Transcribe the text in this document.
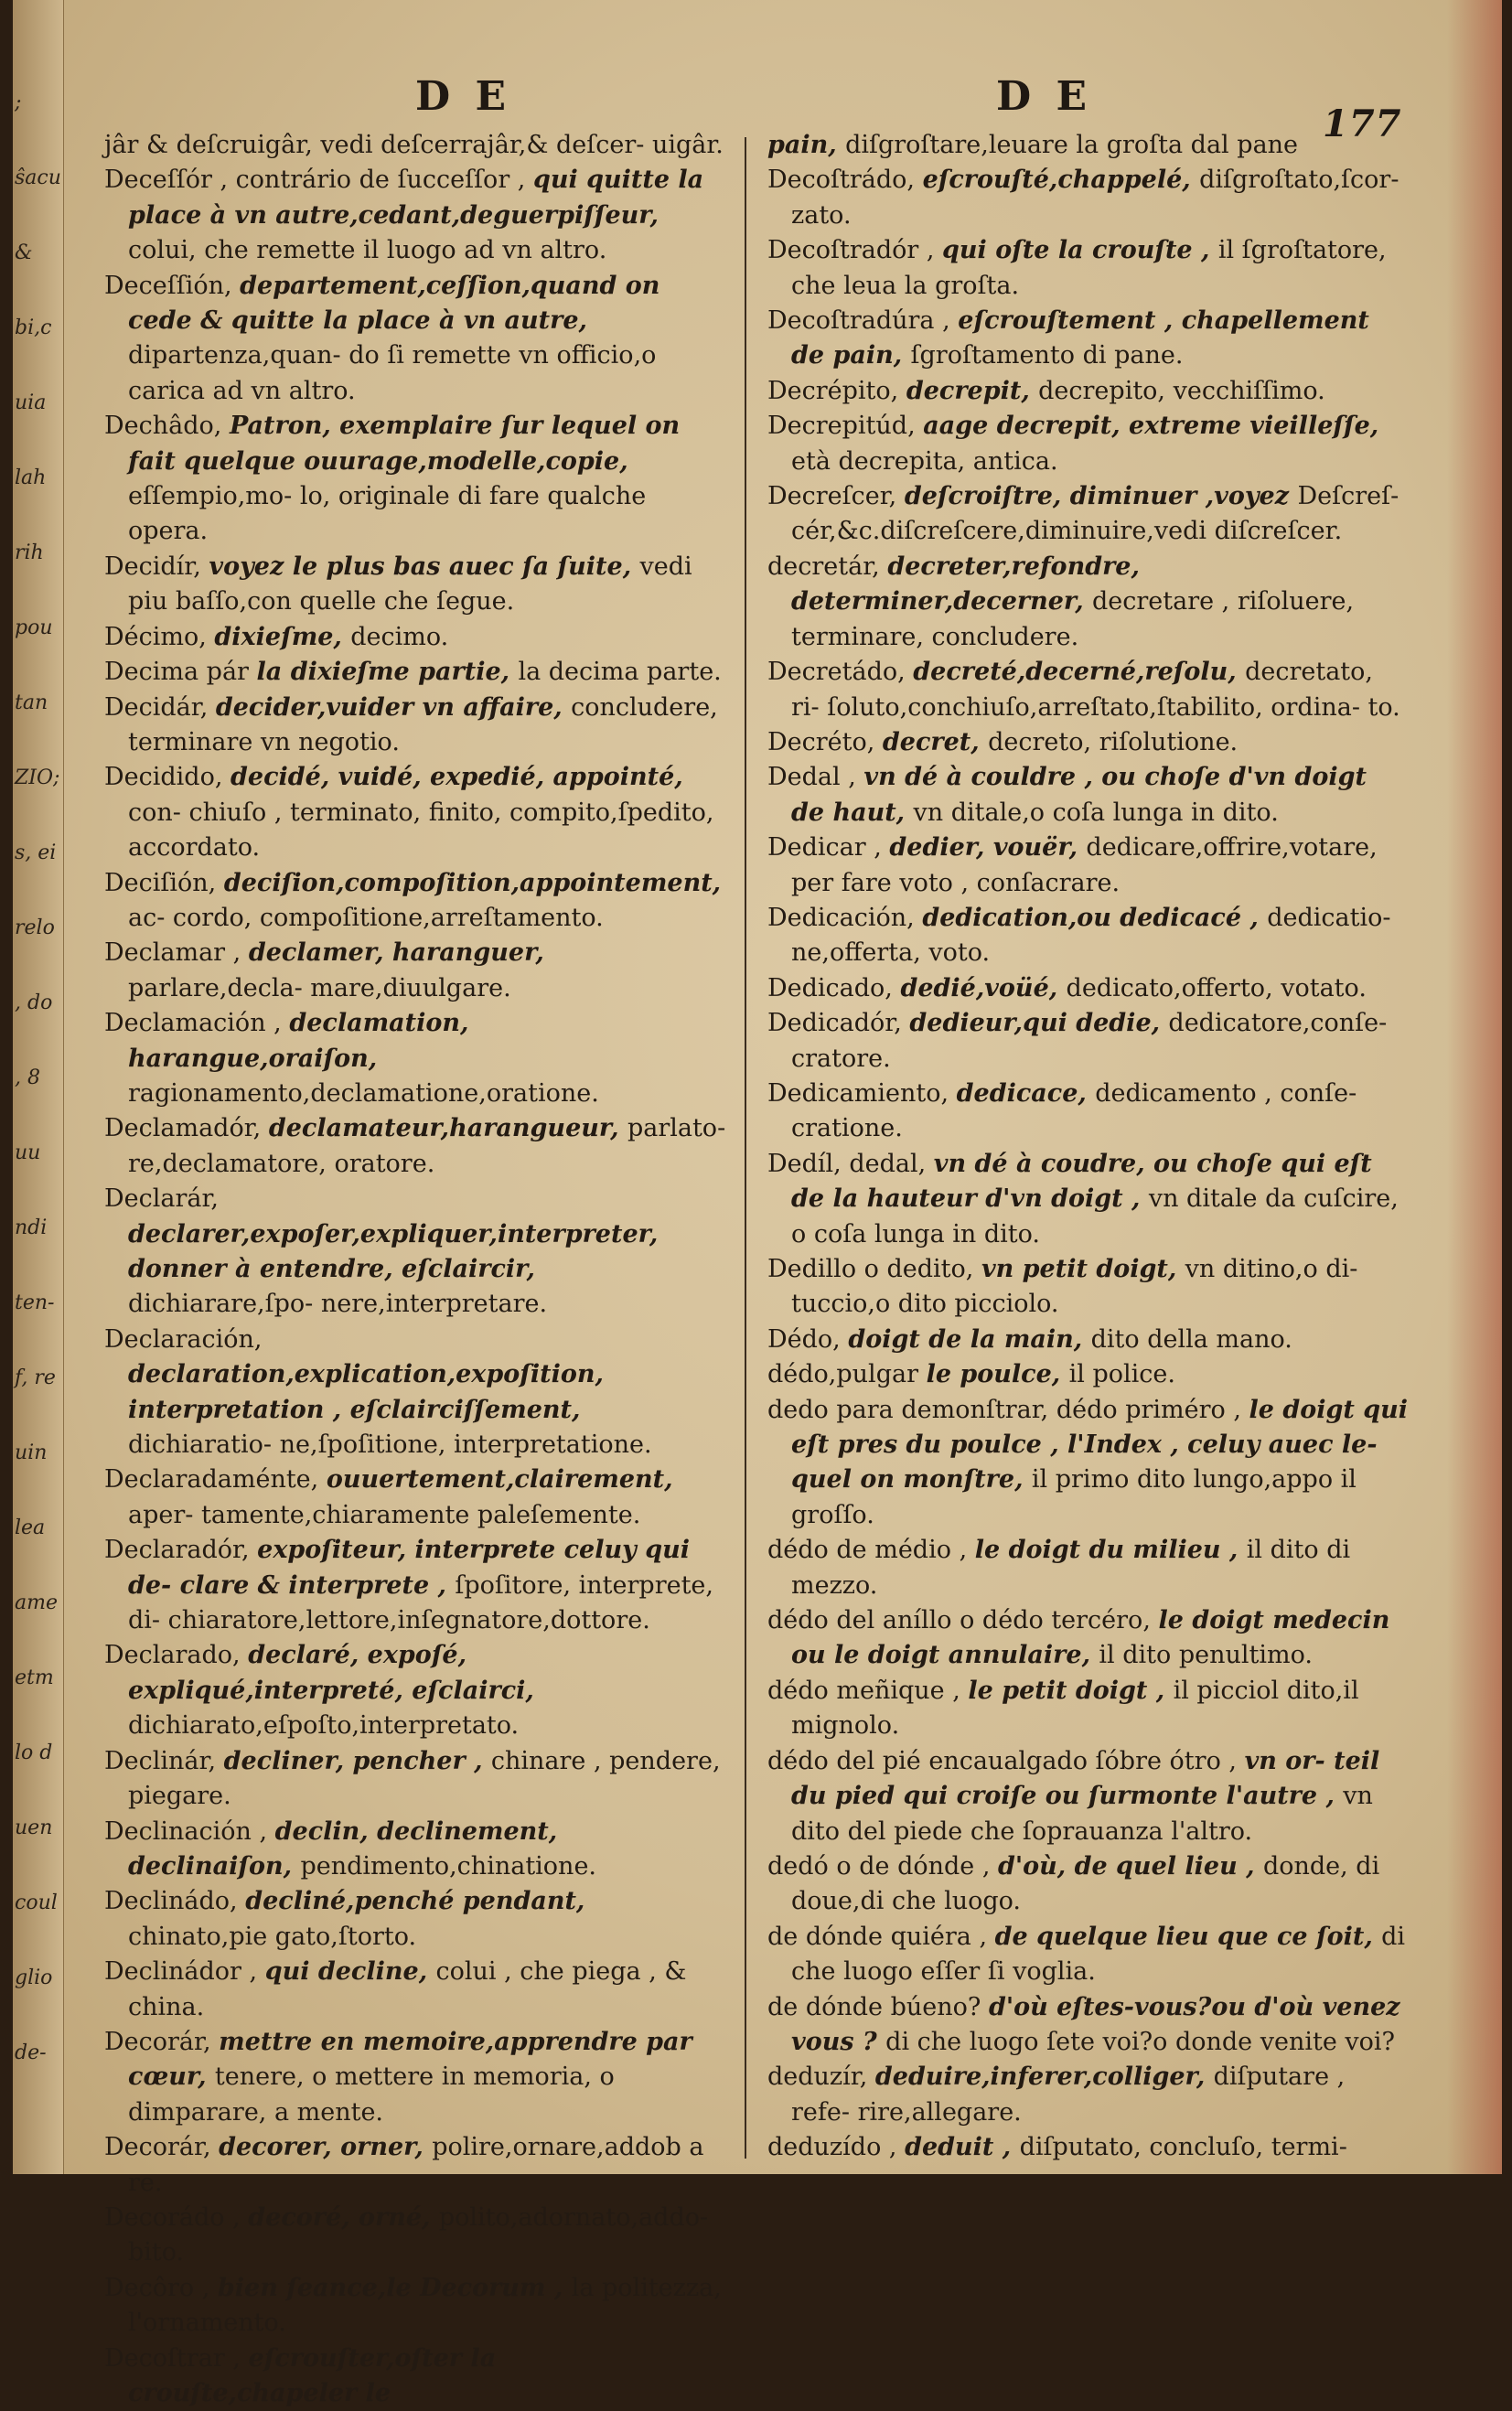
;
ŝacu
&
bi,c
uia
lah
rih
pou
tan
ZIO;
s, ei
relo
, do
, 8
uu
ndi
ten-
f, re
uin
lea
ame
etm
lo d
uen
coul
glio
de-
D E	D E
177

jâr & deſcruigâr, vedi deſcerrajâr,& deſcer- uigâr.

Deceſſór , contrário de ſucceſſor , qui quitte la place à vn autre,cedant,deguerpiſſeur, colui, che remette il luogo ad vn altro.

Deceſſión, departement,ceſſion,quand on cede & quitte la place à vn autre, dipartenza,quan- do ſi remette vn officio,o carica ad vn altro.

Dechâdo, Patron, exemplaire ſur lequel on fait quelque ouurage,modelle,copie, eſſempio,mo- lo, originale di fare qualche opera.

Decidír, voyez le plus bas auec ſa ſuite, vedi piu baſſo,con quelle che ſegue.

Décimo, dixieſme, decimo.

Decima pár la dixieſme partie, la decima parte.

Decidár, decider,vuider vn affaire, concludere, terminare vn negotio.

Decidido, decidé, vuidé, expedié, appointé, con- chiuſo , terminato, finito, compito,ſpedito, accordato.

Deciſión, deciſion,compoſition,appointement, ac- cordo, compoſitione,arreſtamento.

Declamar , declamer, haranguer, parlare,decla- mare,diuulgare.

Declamación , declamation, harangue,oraiſon, ragionamento,declamatione,oratione.

Declamadór, declamateur,harangueur, parlato- re,declamatore, oratore.

Declarár, declarer,expoſer,expliquer,interpreter, donner à entendre, eſclaircir, dichiarare,ſpo- nere,interpretare.

Declaración, declaration,explication,expoſition, interpretation , eſclairciſſement, dichiaratio- ne,ſpoſitione, interpretatione.

Declaradaménte, ouuertement,clairement, aper- tamente,chiaramente paleſemente.

Declaradór, expoſiteur, interprete celuy qui de- clare & interprete , ſpoſitore, interprete, di- chiaratore,lettore,inſegnatore,dottore.

Declarado, declaré, expoſé, expliqué,interpreté, eſclairci, dichiarato,eſpoſto,interpretato.

Declinár, decliner, pencher , chinare , pendere, piegare.

Declinación , declin, declinement, declinaiſon, pendimento,chinatione.

Declinádo, decliné,penché pendant, chinato,pie gato,ſtorto.

Declinádor , qui decline, colui , che piega , & china.

Decorár, mettre en memoire,apprendre par cœur, tenere, o mettere in memoria, o dimparare, a mente.

Decorár, decorer, orner, polire,ornare,addob a re.

Decorádo , decoré, orné, polito,adornato,addo- bito.

Decôro , bien ſeance,le Decorum , la politezza, l'ornamento.

Decoſtrar , eſcrouſter,oſter la crouſte,chapeler le

pain, diſgroſtare,leuare la groſta dal pane

Decoſtrádo, eſcrouſté,chappelé, diſgroſtato,ſcor- zato.

Decoſtradór , qui oſte la crouſte , il ſgroſtatore, che leua la groſta.

Decoſtradúra , eſcrouſtement , chapellement de pain, ſgroſtamento di pane.

Decrépito, decrepit, decrepito, vecchiſſimo.

Decrepitúd, aage decrepit, extreme vieilleſſe, età decrepita, antica.

Decreſcer, deſcroiſtre, diminuer ,voyez Deſcreſ- cér,&c.diſcreſcere,diminuire,vedi diſcreſcer.

decretár, decreter,refondre, determiner,decerner, decretare , riſoluere, terminare, concludere.

Decretádo, decreté,decerné,reſolu, decretato, ri- ſoluto,conchiuſo,arreſtato,ſtabilito, ordina- to.

Decréto, decret, decreto, riſolutione.

Dedal , vn dé à couldre , ou choſe d'vn doigt de haut, vn ditale,o coſa lunga in dito.

Dedicar , dedier, vouër, dedicare,offrire,votare, per fare voto , conſacrare.

Dedicación, dedication,ou dedicacé , dedicatio- ne,offerta, voto.

Dedicado, dedié,voüé, dedicato,offerto, votato.

Dedicadór, dedieur,qui dedie, dedicatore,conſe- cratore.

Dedicamiento, dedicace, dedicamento , conſe- cratione.

Dedíl, dedal, vn dé à coudre, ou choſe qui eſt de la hauteur d'vn doigt , vn ditale da cuſcire, o coſa lunga in dito.

Dedillo o dedito, vn petit doigt, vn ditino,o di- tuccio,o dito picciolo.

Dédo, doigt de la main, dito della mano.

dédo,pulgar le poulce, il police.

dedo para demonſtrar, dédo priméro , le doigt qui eſt pres du poulce , l'Index , celuy auec le- quel on monſtre, il primo dito lungo,appo il groſſo.

dédo de médio , le doigt du milieu , il dito di mezzo.

dédo del aníllo o dédo tercéro, le doigt medecin ou le doigt annulaire, il dito penultimo.

dédo meñique , le petit doigt , il picciol dito,il mignolo.

dédo del pié encaualgado ſóbre ótro , vn or- teil du pied qui croiſe ou ſurmonte l'autre , vn dito del piede che ſoprauanza l'altro.

dedó o de dónde , d'où, de quel lieu , donde, di doue,di che luogo.

de dónde quiéra , de quelque lieu que ce ſoit, di che luogo eſſer ſi voglia.

de dónde búeno? d'où eſtes-vous?ou d'où venez vous ? di che luogo ſete voi?o donde venite voi?

deduzír, deduire,inferer,colliger, diſputare , refe- rire,allegare.

deduzído , deduit , diſputato, concluſo, termi-
